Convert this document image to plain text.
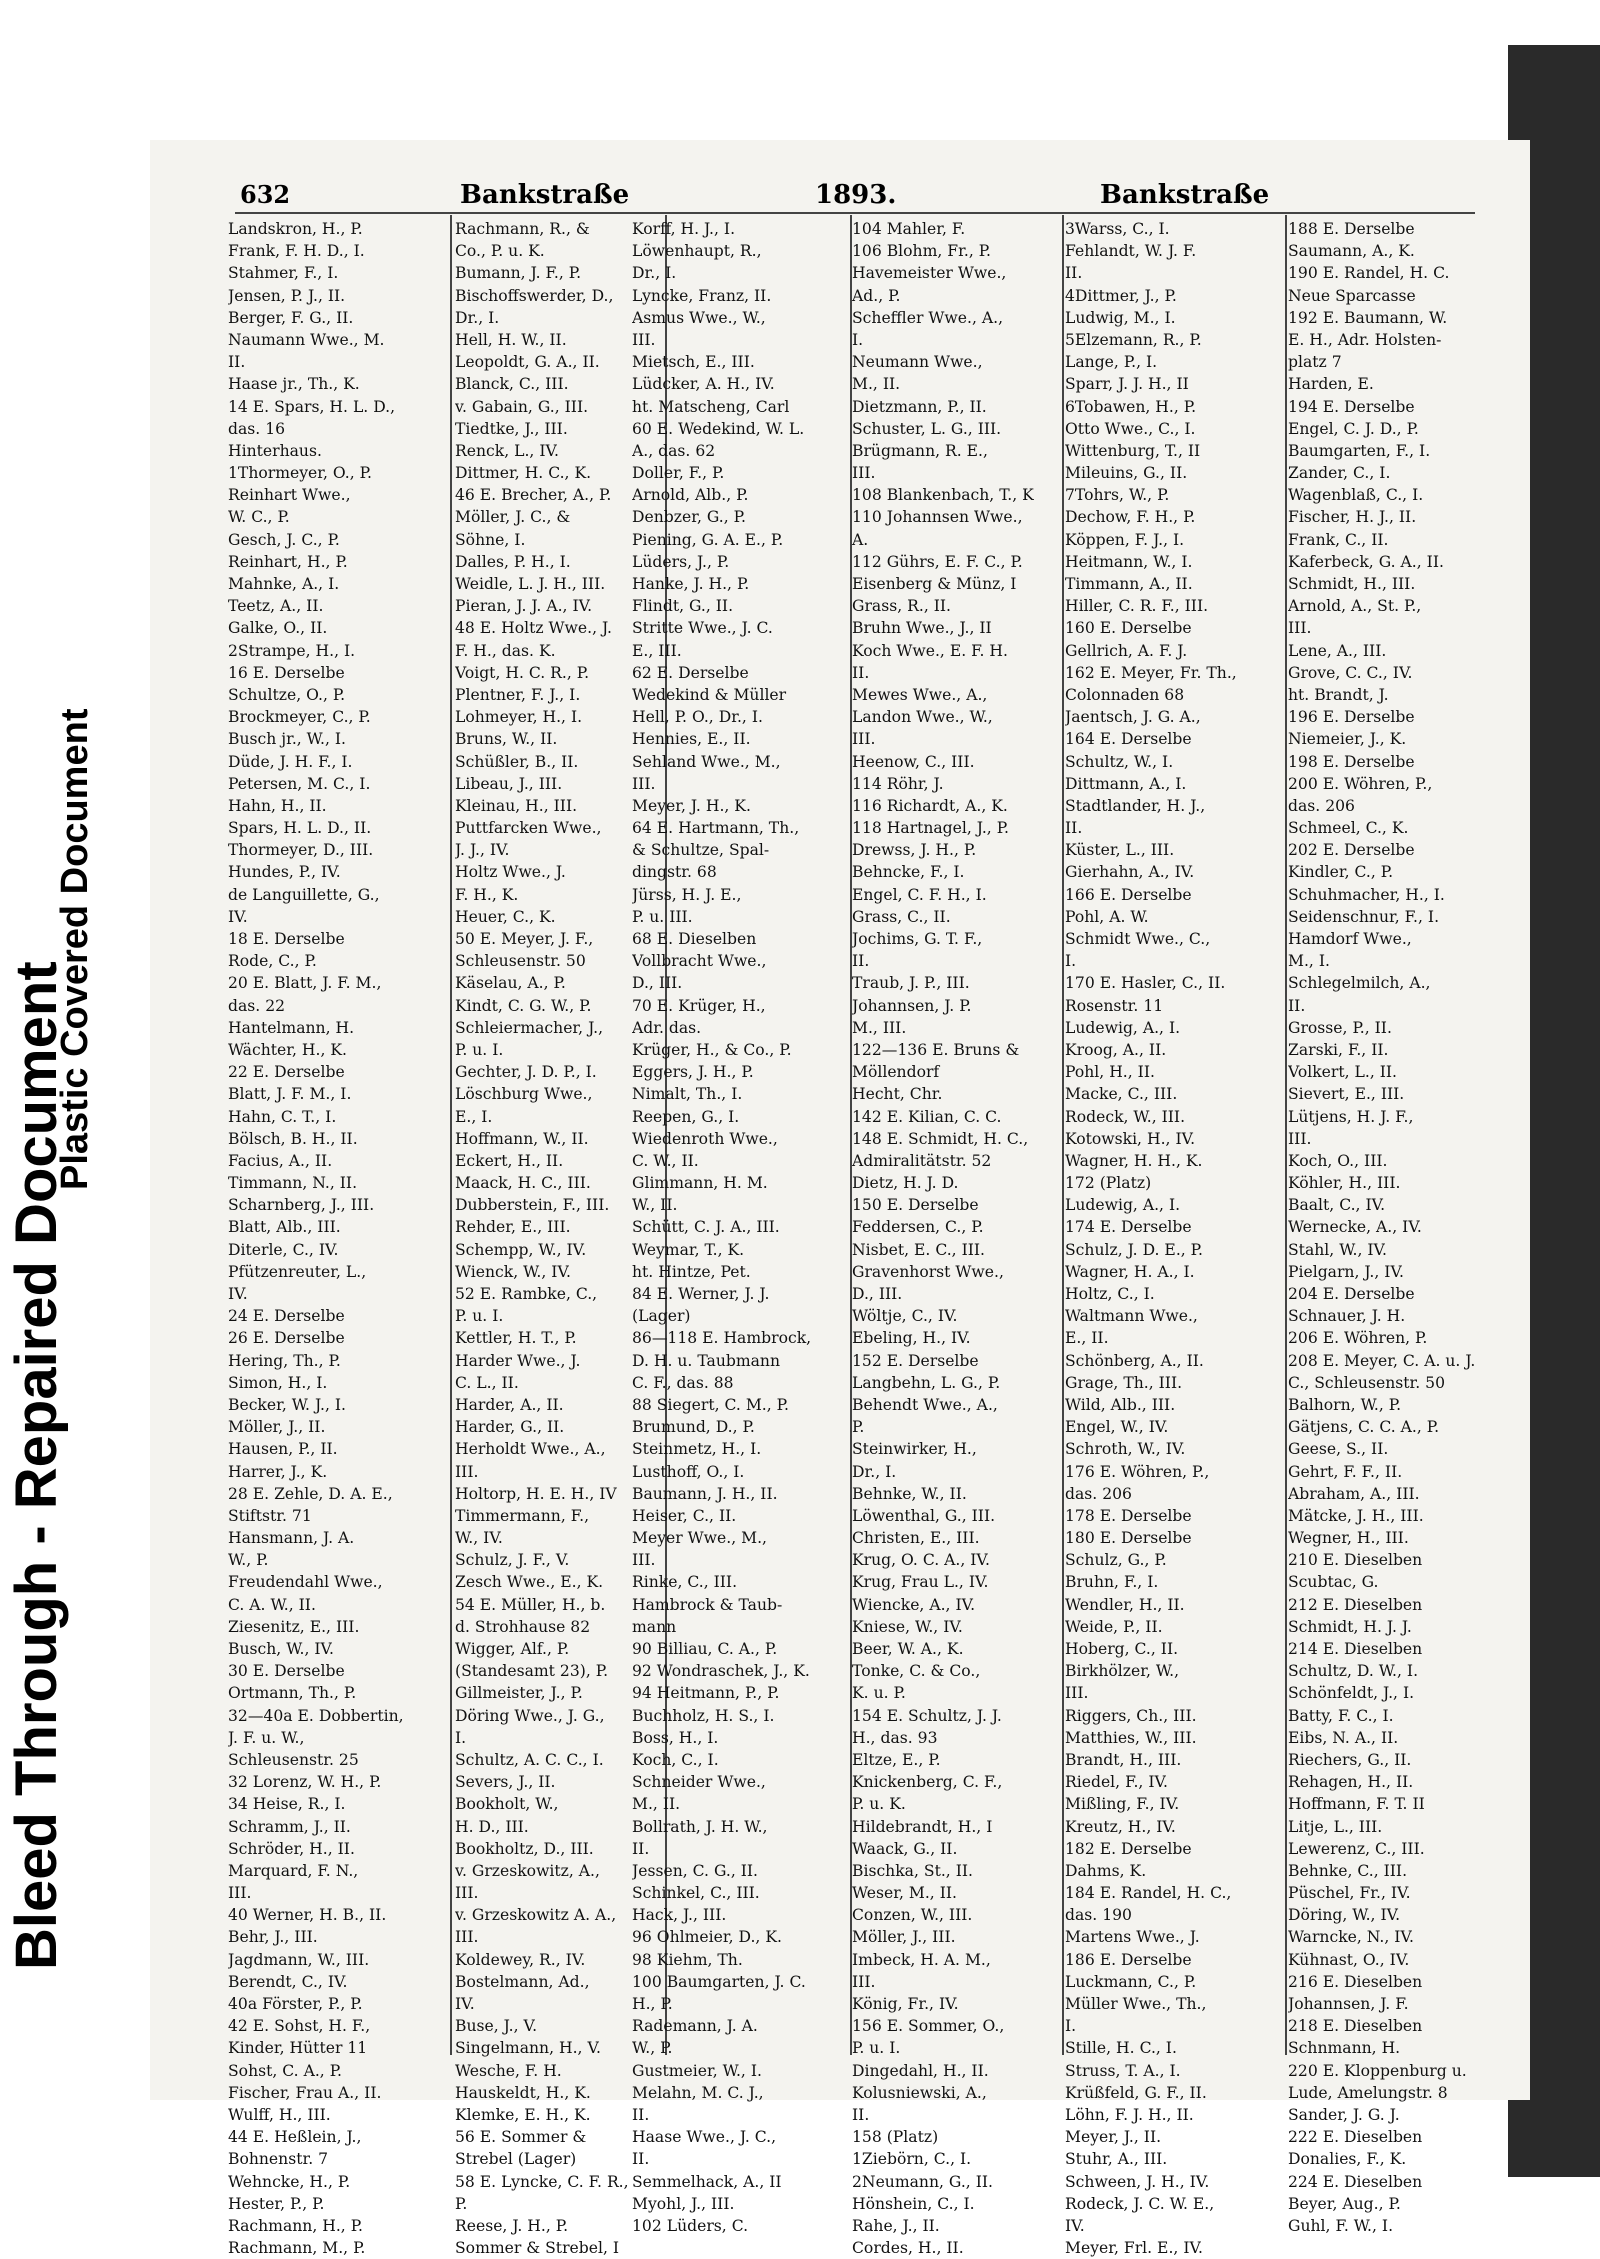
Bleed Through - Repaired Document
Plastic Covered Document
632	Bankstraße	1893.	Bankstraße
Landskron, H., P.
Frank, F. H. D., I.
Stahmer, F., I.
Jensen, P. J., II.
Berger, F. G., II.
Naumann Wwe., M.
II.
Haase jr., Th., K.
14 E. Spars, H. L. D.,
das. 16
Hinterhaus.
1Thormeyer, O., P.
Reinhart Wwe.,
W. C., P.
Gesch, J. C., P.
Reinhart, H., P.
Mahnke, A., I.
Teetz, A., II.
Galke, O., II.
2Strampe, H., I.
16 E. Derselbe
Schultze, O., P.
Brockmeyer, C., P.
Busch jr., W., I.
Düde, J. H. F., I.
Petersen, M. C., I.
Hahn, H., II.
Spars, H. L. D., II.
Thormeyer, D., III.
Hundes, P., IV.
de Languillette, G.,
IV.
18 E. Derselbe
Rode, C., P.
20 E. Blatt, J. F. M.,
das. 22
Hantelmann, H.
Wächter, H., K.
22 E. Derselbe
Blatt, J. F. M., I.
Hahn, C. T., I.
Bölsch, B. H., II.
Facius, A., II.
Timmann, N., II.
Scharnberg, J., III.
Blatt, Alb., III.
Diterle, C., IV.
Pfützenreuter, L.,
IV.
24 E. Derselbe
26 E. Derselbe
Hering, Th., P.
Simon, H., I.
Becker, W. J., I.
Möller, J., II.
Hausen, P., II.
Harrer, J., K.
28 E. Zehle, D. A. E.,
Stiftstr. 71
Hansmann, J. A.
W., P.
Freudendahl Wwe.,
C. A. W., II.
Ziesenitz, E., III.
Busch, W., IV.
30 E. Derselbe
Ortmann, Th., P.
32—40a E. Dobbertin,
J. F. u. W.,
Schleusenstr. 25
32 Lorenz, W. H., P.
34 Heise, R., I.
Schramm, J., II.
Schröder, H., II.
Marquard, F. N.,
III.
40 Werner, H. B., II.
Behr, J., III.
Jagdmann, W., III.
Berendt, C., IV.
40a Förster, P., P.
42 E. Sohst, H. F.,
Kinder, Hütter 11
Sohst, C. A., P.
Fischer, Frau A., II.
Wulff, H., III.
44 E. Heßlein, J.,
Bohnenstr. 7
Wehncke, H., P.
Hester, P., P.
Rachmann, H., P.
Rachmann, M., P.
Rachmann, R., &
Co., P. u. K.
Bumann, J. F., P.
Bischoffswerder, D.,
Dr., I.
Hell, H. W., II.
Leopoldt, G. A., II.
Blanck, C., III.
v. Gabain, G., III.
Tiedtke, J., III.
Renck, L., IV.
Dittmer, H. C., K.
46 E. Brecher, A., P.
Möller, J. C., &
Söhne, I.
Dalles, P. H., I.
Weidle, L. J. H., III.
Pieran, J. J. A., IV.
48 E. Holtz Wwe., J.
F. H., das. K.
Voigt, H. C. R., P.
Plentner, F. J., I.
Lohmeyer, H., I.
Bruns, W., II.
Schüßler, B., II.
Libeau, J., III.
Kleinau, H., III.
Puttfarcken Wwe.,
J. J., IV.
Holtz Wwe., J.
F. H., K.
Heuer, C., K.
50 E. Meyer, J. F.,
Schleusenstr. 50
Käselau, A., P.
Kindt, C. G. W., P.
Schleiermacher, J.,
P. u. I.
Gechter, J. D. P., I.
Löschburg Wwe.,
E., I.
Hoffmann, W., II.
Eckert, H., II.
Maack, H. C., III.
Dubberstein, F., III.
Rehder, E., III.
Schempp, W., IV.
Wienck, W., IV.
52 E. Rambke, C.,
P. u. I.
Kettler, H. T., P.
Harder Wwe., J.
C. L., II.
Harder, A., II.
Harder, G., II.
Herholdt Wwe., A.,
III.
Holtorp, H. E. H., IV
Timmermann, F.,
W., IV.
Schulz, J. F., V.
Zesch Wwe., E., K.
54 E. Müller, H., b.
d. Strohhause 82
Wigger, Alf., P.
(Standesamt 23), P.
Gillmeister, J., P.
Döring Wwe., J. G.,
I.
Schultz, A. C. C., I.
Severs, J., II.
Bookholt, W.,
H. D., III.
Bookholtz, D., III.
v. Grzeskowitz, A.,
III.
v. Grzeskowitz A. A.,
III.
Koldewey, R., IV.
Bostelmann, Ad.,
IV.
Buse, J., V.
Singelmann, H., V.
Wesche, F. H.
Hauskeldt, H., K.
Klemke, E. H., K.
56 E. Sommer &
Strebel (Lager)
58 E. Lyncke, C. F. R.,
P.
Reese, J. H., P.
Sommer & Strebel, I
Korff, H. J., I.
Löwenhaupt, R.,
Dr., I.
Lyncke, Franz, II.
Asmus Wwe., W.,
III.
Mietsch, E., III.
Lüdcker, A. H., IV.
ht. Matscheng, Carl
60 E. Wedekind, W. L.
A., das. 62
Doller, F., P.
Arnold, Alb., P.
Denbzer, G., P.
Piening, G. A. E., P.
Lüders, J., P.
Hanke, J. H., P.
Flindt, G., II.
Stritte Wwe., J. C.
E., III.
62 E. Derselbe
Wedekind & Müller
Hell, P. O., Dr., I.
Hennies, E., II.
Sehland Wwe., M.,
III.
Meyer, J. H., K.
64 E. Hartmann, Th.,
& Schultze, Spal-
dingstr. 68
Jürss, H. J. E.,
P. u. III.
68 E. Dieselben
Vollbracht Wwe.,
D., III.
70 E. Krüger, H.,
Adr. das.
Krüger, H., & Co., P.
Eggers, J. H., P.
Nimalt, Th., I.
Reepen, G., I.
Wiedenroth Wwe.,
C. W., II.
Glimmann, H. M.
W., II.
Schütt, C. J. A., III.
Weymar, T., K.
ht. Hintze, Pet.
84 E. Werner, J. J.
(Lager)
86—118 E. Hambrock,
D. H. u. Taubmann
C. F., das. 88
88 Siegert, C. M., P.
Brumund, D., P.
Steinmetz, H., I.
Lusthoff, O., I.
Baumann, J. H., II.
Heiser, C., II.
Meyer Wwe., M.,
III.
Rinke, C., III.
Hambrock & Taub-
mann
90 Billiau, C. A., P.
92 Wondraschek, J., K.
94 Heitmann, P., P.
Buchholz, H. S., I.
Boss, H., I.
Koch, C., I.
Schneider Wwe.,
M., II.
Bollrath, J. H. W.,
II.
Jessen, C. G., II.
Schinkel, C., III.
Hack, J., III.
96 Ohlmeier, D., K.
98 Kiehm, Th.
100 Baumgarten, J. C.
H., P.
Rademann, J. A.
W., P.
Gustmeier, W., I.
Melahn, M. C. J.,
II.
Haase Wwe., J. C.,
II.
Semmelhack, A., II
Myohl, J., III.
102 Lüders, C.
104 Mahler, F.
106 Blohm, Fr., P.
Havemeister Wwe.,
Ad., P.
Scheffler Wwe., A.,
I.
Neumann Wwe.,
M., II.
Dietzmann, P., II.
Schuster, L. G., III.
Brügmann, R. E.,
III.
108 Blankenbach, T., K
110 Johannsen Wwe.,
A.
112 Gührs, E. F. C., P.
Eisenberg & Münz, I
Grass, R., II.
Bruhn Wwe., J., II
Koch Wwe., E. F. H.
II.
Mewes Wwe., A.,
Landon Wwe., W.,
III.
Heenow, C., III.
114 Röhr, J.
116 Richardt, A., K.
118 Hartnagel, J., P.
Drewss, J. H., P.
Behncke, F., I.
Engel, C. F. H., I.
Grass, C., II.
Jochims, G. T. F.,
II.
Traub, J. P., III.
Johannsen, J. P.
M., III.
122—136 E. Bruns &
Möllendorf
Hecht, Chr.
142 E. Kilian, C. C.
148 E. Schmidt, H. C.,
Admiralitätstr. 52
Dietz, H. J. D.
150 E. Derselbe
Feddersen, C., P.
Nisbet, E. C., III.
Gravenhorst Wwe.,
D., III.
Wöltje, C., IV.
Ebeling, H., IV.
152 E. Derselbe
Langbehn, L. G., P.
Behendt Wwe., A.,
P.
Steinwirker, H.,
Dr., I.
Behnke, W., II.
Löwenthal, G., III.
Christen, E., III.
Krug, O. C. A., IV.
Krug, Frau L., IV.
Wiencke, A., IV.
Kniese, W., IV.
Beer, W. A., K.
Tonke, C. & Co.,
K. u. P.
154 E. Schultz, J. J.
H., das. 93
Eltze, E., P.
Knickenberg, C. F.,
P. u. K.
Hildebrandt, H., I
Waack, G., II.
Bischka, St., II.
Weser, M., II.
Conzen, W., III.
Möller, J., III.
Imbeck, H. A. M.,
III.
König, Fr., IV.
156 E. Sommer, O.,
P. u. I.
Dingedahl, H., II.
Kolusniewski, A.,
II.
158 (Platz)
1Ziebörn, C., I.
2Neumann, G., II.
Hönshein, C., I.
Rahe, J., II.
Cordes, H., II.
3Warss, C., I.
Fehlandt, W. J. F.
II.
4Dittmer, J., P.
Ludwig, M., I.
5Elzemann, R., P.
Lange, P., I.
Sparr, J. J. H., II
6Tobawen, H., P.
Otto Wwe., C., I.
Wittenburg, T., II
Mileuins, G., II.
7Tohrs, W., P.
Dechow, F. H., P.
Köppen, F. J., I.
Heitmann, W., I.
Timmann, A., II.
Hiller, C. R. F., III.
160 E. Derselbe
Gellrich, A. F. J.
162 E. Meyer, Fr. Th.,
Colonnaden 68
Jaentsch, J. G. A.,
164 E. Derselbe
Schultz, W., I.
Dittmann, A., I.
Stadtlander, H. J.,
II.
Küster, L., III.
Gierhahn, A., IV.
166 E. Derselbe
Pohl, A. W.
Schmidt Wwe., C.,
I.
170 E. Hasler, C., II.
Rosenstr. 11
Ludewig, A., I.
Kroog, A., II.
Pohl, H., II.
Macke, C., III.
Rodeck, W., III.
Kotowski, H., IV.
Wagner, H. H., K.
172 (Platz)
Ludewig, A., I.
174 E. Derselbe
Schulz, J. D. E., P.
Wagner, H. A., I.
Holtz, C., I.
Waltmann Wwe.,
E., II.
Schönberg, A., II.
Grage, Th., III.
Wild, Alb., III.
Engel, W., IV.
Schroth, W., IV.
176 E. Wöhren, P.,
das. 206
178 E. Derselbe
180 E. Derselbe
Schulz, G., P.
Bruhn, F., I.
Wendler, H., II.
Weide, P., II.
Hoberg, C., II.
Birkhölzer, W.,
III.
Riggers, Ch., III.
Matthies, W., III.
Brandt, H., III.
Riedel, F., IV.
Mißling, F., IV.
Kreutz, H., IV.
182 E. Derselbe
Dahms, K.
184 E. Randel, H. C.,
das. 190
Martens Wwe., J.
186 E. Derselbe
Luckmann, C., P.
Müller Wwe., Th.,
I.
Stille, H. C., I.
Struss, T. A., I.
Krüßfeld, G. F., II.
Löhn, F. J. H., II.
Meyer, J., II.
Stuhr, A., III.
Schween, J. H., IV.
Rodeck, J. C. W. E.,
IV.
Meyer, Frl. E., IV.
188 E. Derselbe
Saumann, A., K.
190 E. Randel, H. C.
Neue Sparcasse
192 E. Baumann, W.
E. H., Adr. Holsten-
platz 7
Harden, E.
194 E. Derselbe
Engel, C. J. D., P.
Baumgarten, F., I.
Zander, C., I.
Wagenblaß, C., I.
Fischer, H. J., II.
Frank, C., II.
Kaferbeck, G. A., II.
Schmidt, H., III.
Arnold, A., St. P.,
III.
Lene, A., III.
Grove, C. C., IV.
ht. Brandt, J.
196 E. Derselbe
Niemeier, J., K.
198 E. Derselbe
200 E. Wöhren, P.,
das. 206
Schmeel, C., K.
202 E. Derselbe
Kindler, C., P.
Schuhmacher, H., I.
Seidenschnur, F., I.
Hamdorf Wwe.,
M., I.
Schlegelmilch, A.,
II.
Grosse, P., II.
Zarski, F., II.
Volkert, L., II.
Sievert, E., III.
Lütjens, H. J. F.,
III.
Koch, O., III.
Köhler, H., III.
Baalt, C., IV.
Wernecke, A., IV.
Stahl, W., IV.
Pielgarn, J., IV.
204 E. Derselbe
Schnauer, J. H.
206 E. Wöhren, P.
208 E. Meyer, C. A. u. J.
C., Schleusenstr. 50
Balhorn, W., P.
Gätjens, C. C. A., P.
Geese, S., II.
Gehrt, F. F., II.
Abraham, A., III.
Mätcke, J. H., III.
Wegner, H., III.
210 E. Dieselben
Scubtac, G.
212 E. Dieselben
Schmidt, H. J. J.
214 E. Dieselben
Schultz, D. W., I.
Schönfeldt, J., I.
Batty, F. C., I.
Eibs, N. A., II.
Riechers, G., II.
Rehagen, H., II.
Hoffmann, F. T. II
Litje, L., III.
Lewerenz, C., III.
Behnke, C., III.
Püschel, Fr., IV.
Döring, W., IV.
Warncke, N., IV.
Kühnast, O., IV.
216 E. Dieselben
Johannsen, J. F.
218 E. Dieselben
Schnmann, H.
220 E. Kloppenburg u.
Lude, Amelungstr. 8
Sander, J. G. J.
222 E. Dieselben
Donalies, F., K.
224 E. Dieselben
Beyer, Aug., P.
Guhl, F. W., I.
